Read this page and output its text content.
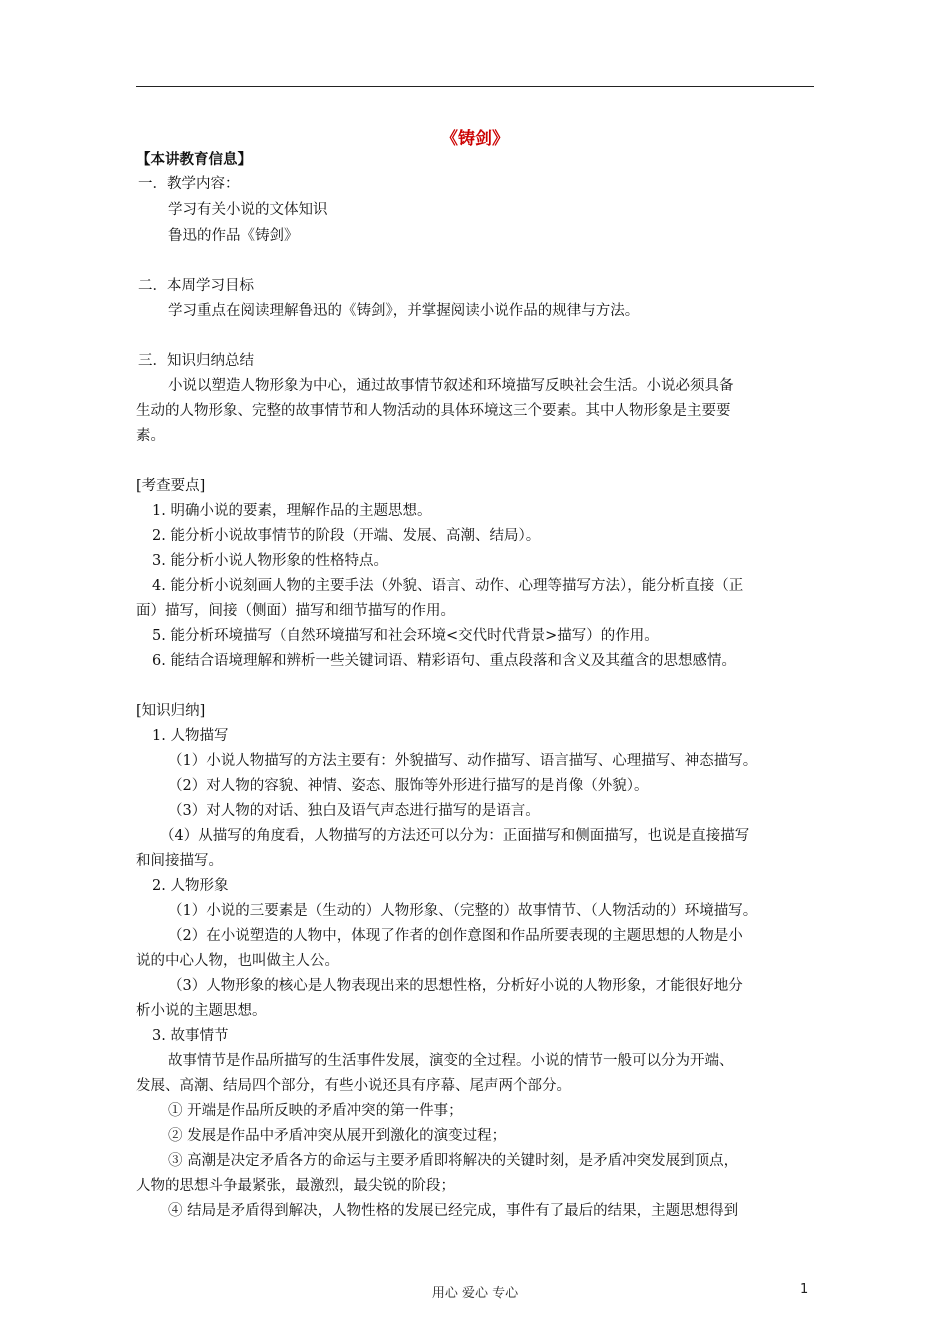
《铸剑》
【本讲教育信息】
一．教学内容：
学习有关小说的文体知识
鲁迅的作品《铸剑》
二．本周学习目标
学习重点在阅读理解鲁迅的《铸剑》，并掌握阅读小说作品的规律与方法。
三．知识归纳总结
小说以塑造人物形象为中心，通过故事情节叙述和环境描写反映社会生活。小说必须具备
生动的人物形象、完整的故事情节和人物活动的具体环境这三个要素。其中人物形象是主要要
素。
[考查要点]
1. 明确小说的要素，理解作品的主题思想。
2. 能分析小说故事情节的阶段（开端、发展、高潮、结局）。
3. 能分析小说人物形象的性格特点。
4. 能分析小说刻画人物的主要手法（外貌、语言、动作、心理等描写方法），能分析直接（正
面）描写，间接（侧面）描写和细节描写的作用。
5. 能分析环境描写（自然环境描写和社会环境<交代时代背景>描写）的作用。
6. 能结合语境理解和辨析一些关键词语、精彩语句、重点段落和含义及其蕴含的思想感情。
[知识归纳]
1. 人物描写
（1）小说人物描写的方法主要有：外貌描写、动作描写、语言描写、心理描写、神态描写。
（2）对人物的容貌、神情、姿态、服饰等外形进行描写的是肖像（外貌）。
（3）对人物的对话、独白及语气声态进行描写的是语言。
（4）从描写的角度看，人物描写的方法还可以分为：正面描写和侧面描写，也说是直接描写
和间接描写。
2. 人物形象
（1）小说的三要素是（生动的）人物形象、（完整的）故事情节、（人物活动的）环境描写。
（2）在小说塑造的人物中，体现了作者的创作意图和作品所要表现的主题思想的人物是小
说的中心人物，也叫做主人公。
（3）人物形象的核心是人物表现出来的思想性格，分析好小说的人物形象，才能很好地分
析小说的主题思想。
3. 故事情节
故事情节是作品所描写的生活事件发展，演变的全过程。小说的情节一般可以分为开端、
发展、高潮、结局四个部分，有些小说还具有序幕、尾声两个部分。
① 开端是作品所反映的矛盾冲突的第一件事；
② 发展是作品中矛盾冲突从展开到激化的演变过程；
③ 高潮是决定矛盾各方的命运与主要矛盾即将解决的关键时刻，是矛盾冲突发展到顶点，
人物的思想斗争最紧张，最激烈，最尖锐的阶段；
④ 结局是矛盾得到解决，人物性格的发展已经完成，事件有了最后的结果，主题思想得到
用心 爱心 专心	1
